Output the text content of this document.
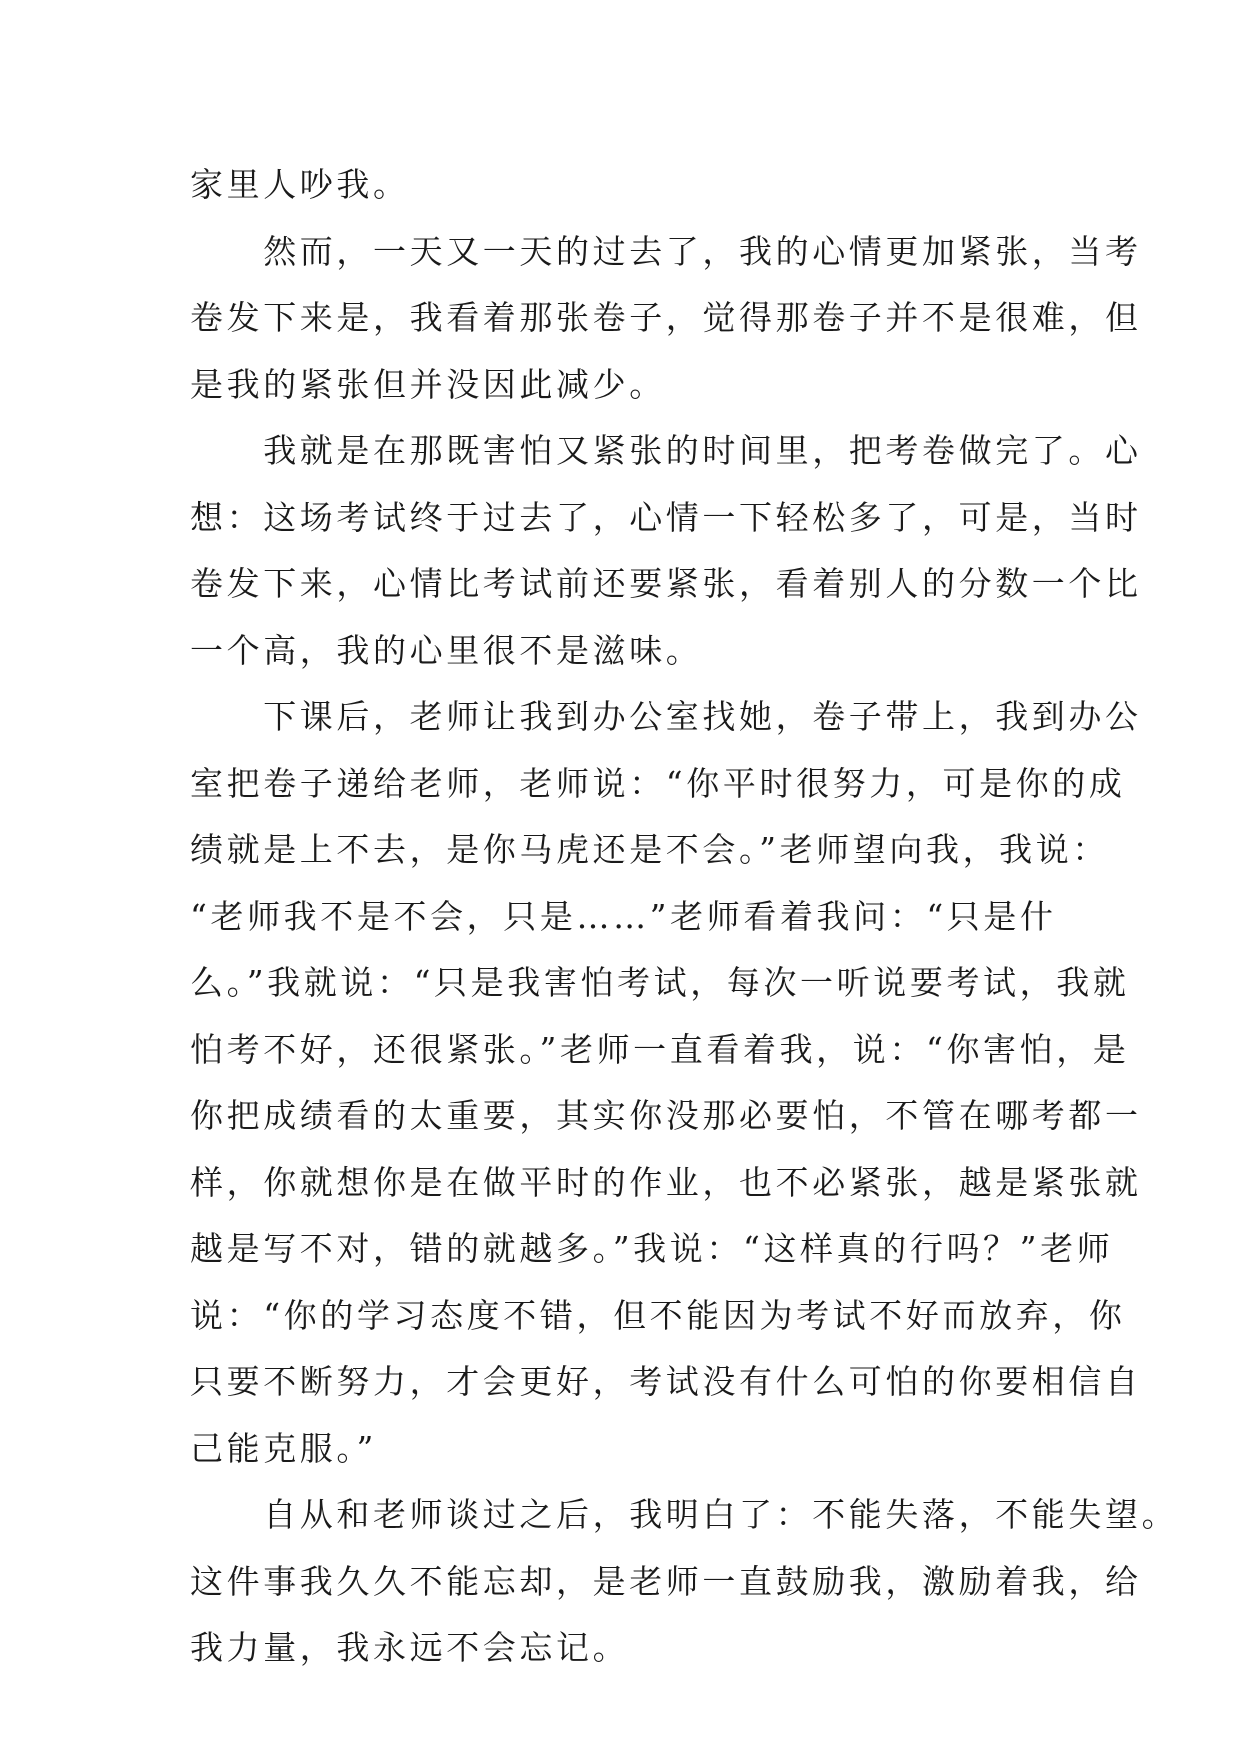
家里人吵我。
　　然而，一天又一天的过去了，我的心情更加紧张，当考
卷发下来是，我看着那张卷子，觉得那卷子并不是很难，但
是我的紧张但并没因此减少。
　　我就是在那既害怕又紧张的时间里，把考卷做完了。心
想：这场考试终于过去了，心情一下轻松多了，可是，当时
卷发下来，心情比考试前还要紧张，看着别人的分数一个比
一个高，我的心里很不是滋味。
　　下课后，老师让我到办公室找她，卷子带上，我到办公
室把卷子递给老师，老师说：“你平时很努力，可是你的成
绩就是上不去，是你马虎还是不会。”老师望向我，我说：
“老师我不是不会，只是……”老师看着我问：“只是什
么。”我就说：“只是我害怕考试，每次一听说要考试，我就
怕考不好，还很紧张。”老师一直看着我，说：“你害怕，是
你把成绩看的太重要，其实你没那必要怕，不管在哪考都一
样，你就想你是在做平时的作业，也不必紧张，越是紧张就
越是写不对，错的就越多。”我说：“这样真的行吗？”老师
说：“你的学习态度不错，但不能因为考试不好而放弃，你
只要不断努力，才会更好，考试没有什么可怕的你要相信自
己能克服。”
　　自从和老师谈过之后，我明白了：不能失落，不能失望。
这件事我久久不能忘却，是老师一直鼓励我，激励着我，给
我力量，我永远不会忘记。
